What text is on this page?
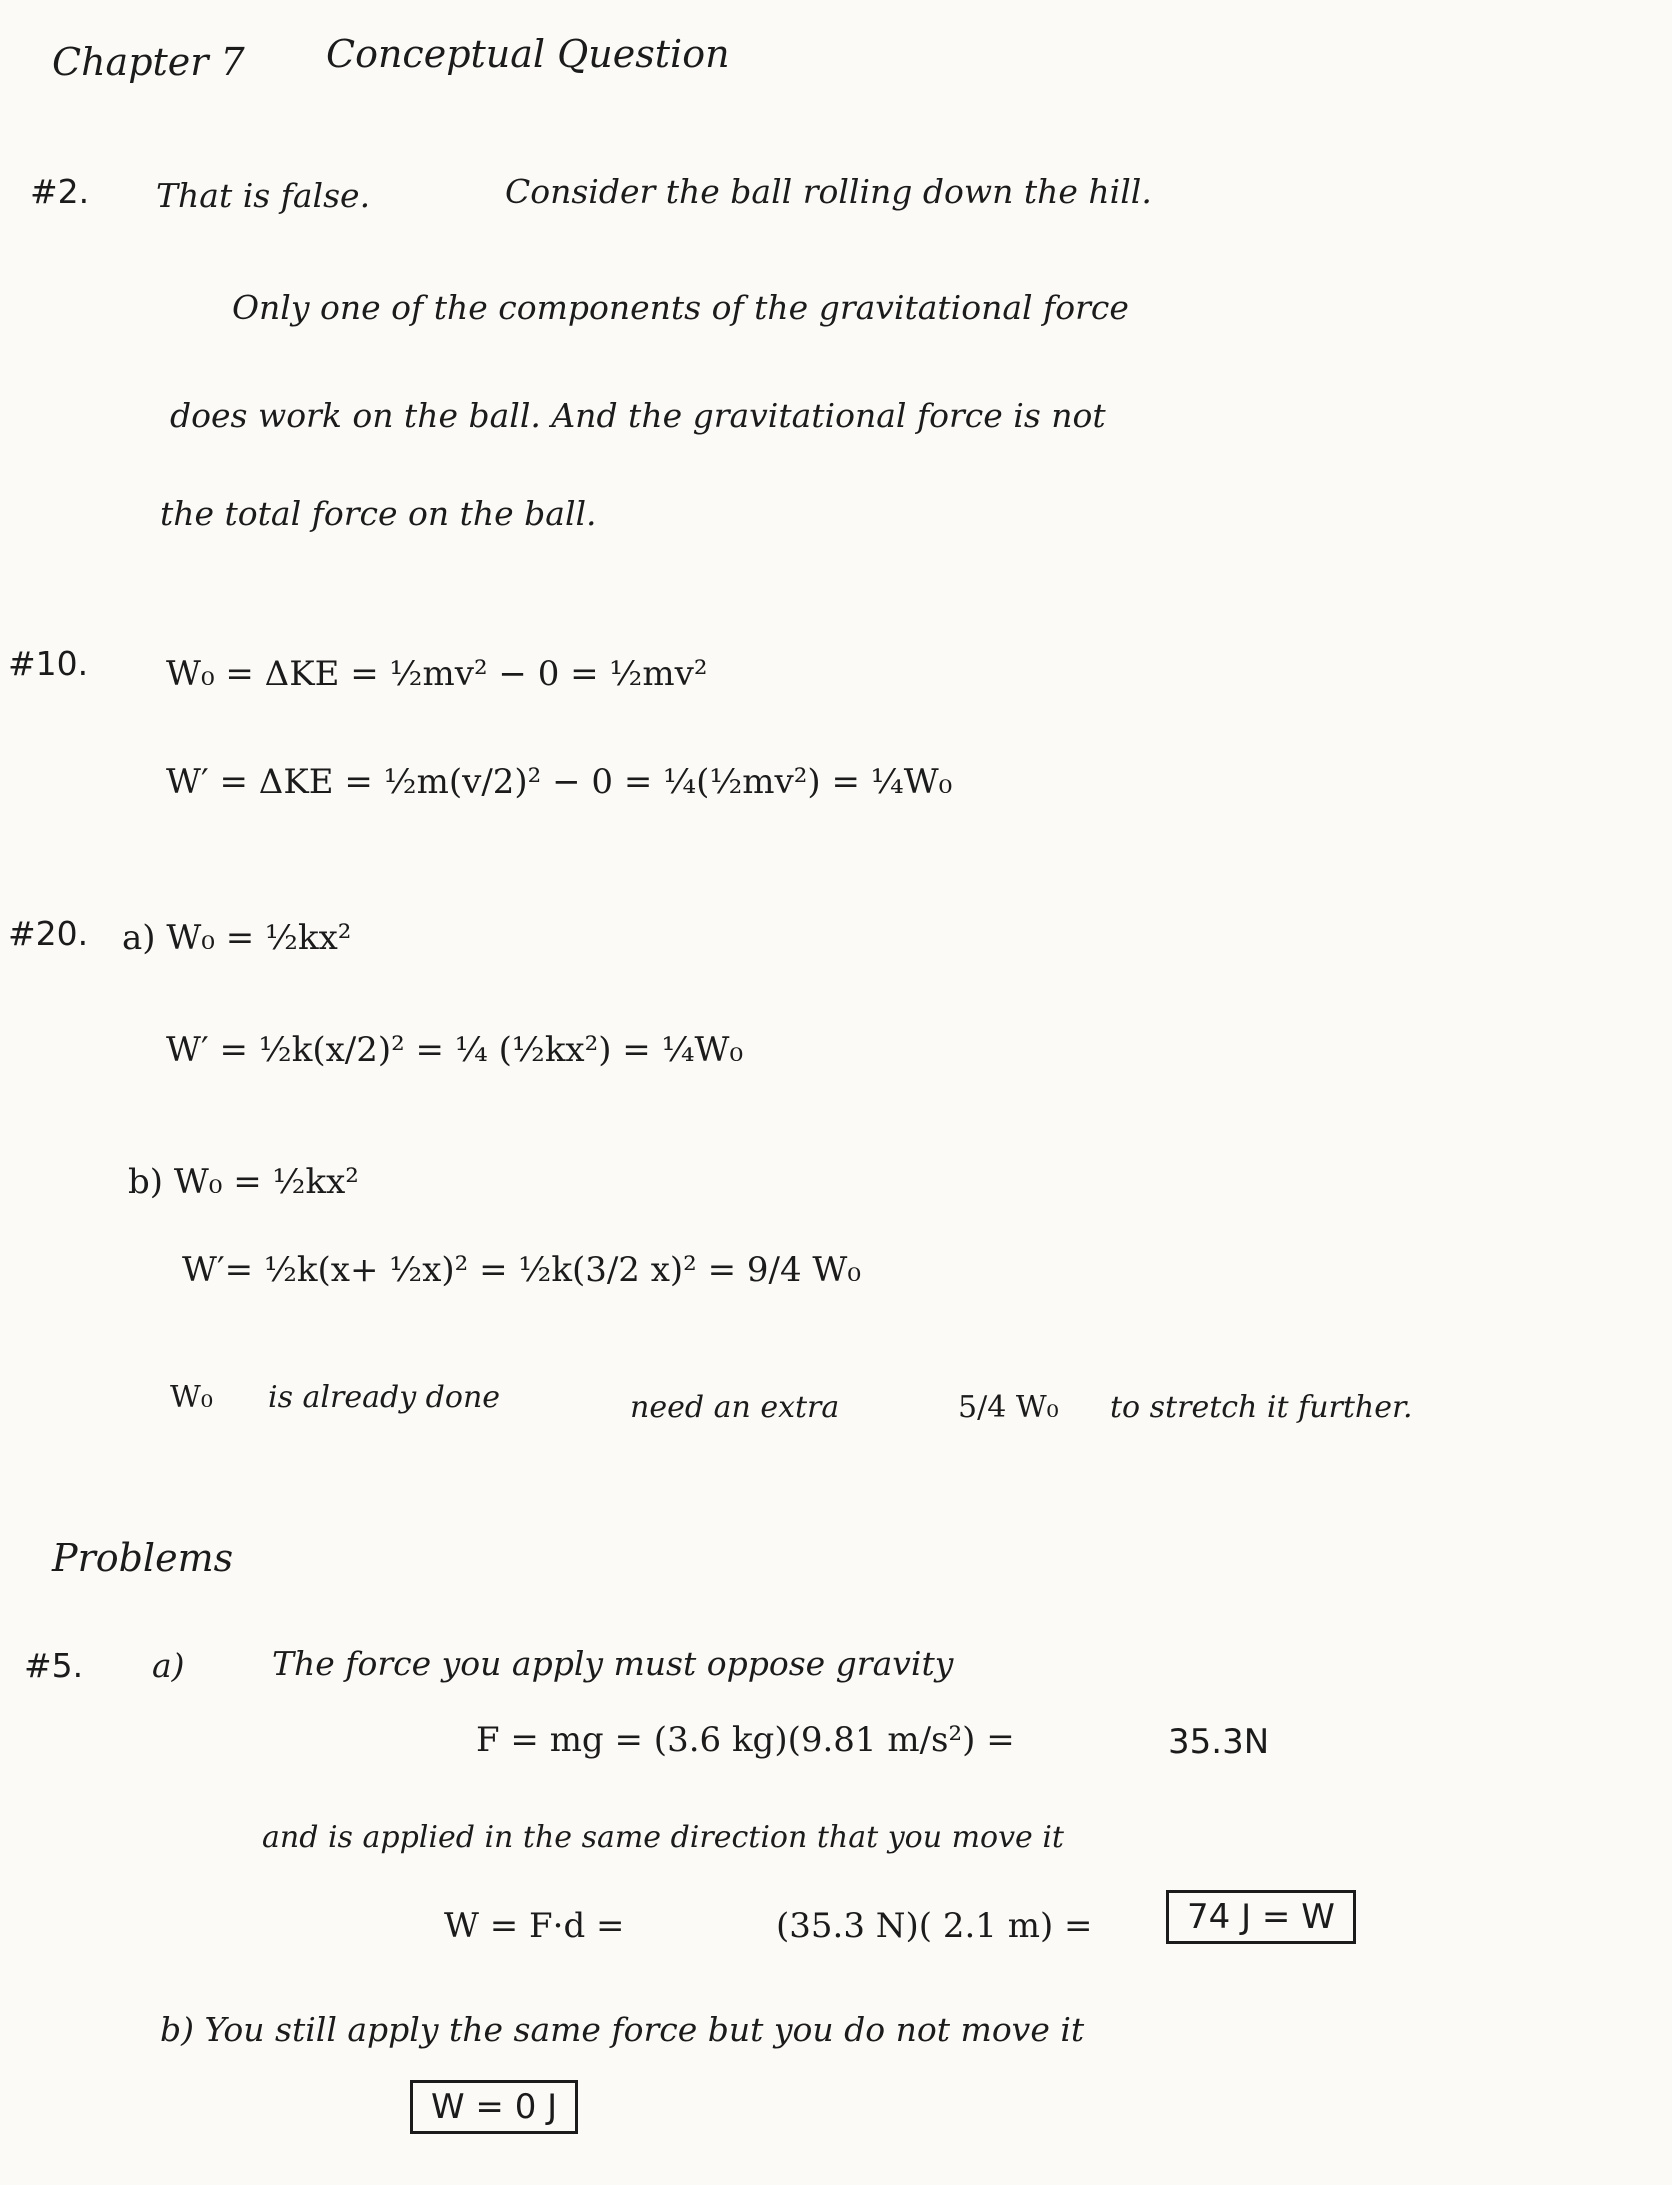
Chapter 7 Conceptual Question
#2. That is false.	Consider the ball rolling down the hill.
Only one of the components of the gravitational force
does work on the ball. And the gravitational force is not
the total force on the ball.
#10. W₀ = ΔKE = ½mv² − 0 = ½mv²
W′ = ΔKE = ½m(v/2)² − 0 = ¼(½mv²) = ¼W₀
#20. a) W₀ = ½kx²
W′ = ½k(x/2)² = ¼ (½kx²) = ¼W₀
b) W₀ = ½kx²
W′= ½k(x+ ½x)² = ½k(3/2 x)² = 9/4 W₀
W₀ is already done	need an extra	5/4 W₀ to stretch it further.
Problems
#5. a)	The force you apply must oppose gravity
F = mg = (3.6 kg)(9.81 m/s²) =	35.3N
and is applied in the same direction that you move it
W = F·d =	(35.3 N)( 2.1 m) =	74 J = W
b) You still apply the same force but you do not move it
W = 0 J
